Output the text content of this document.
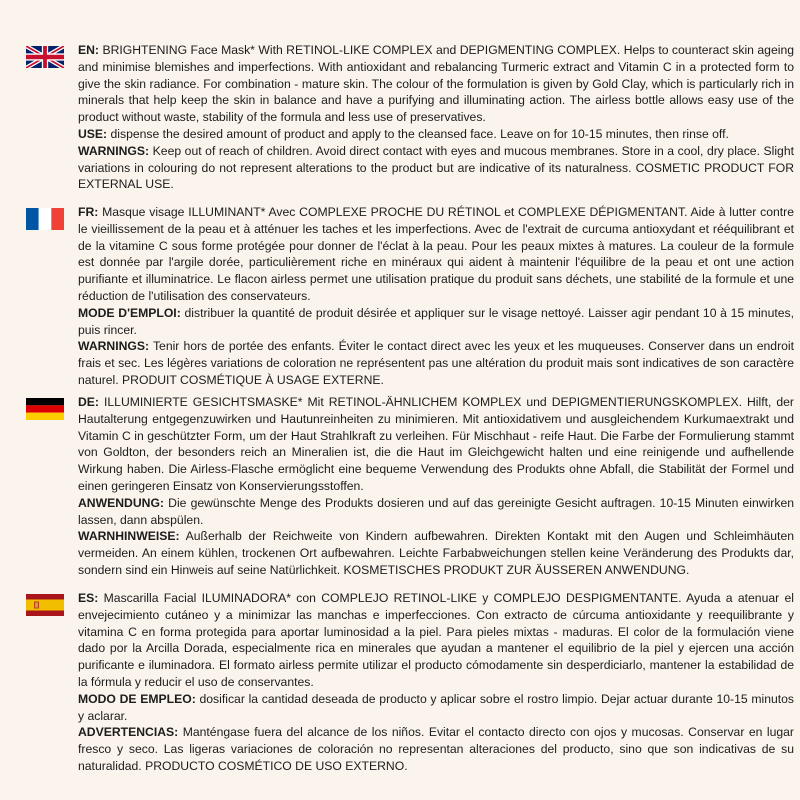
EN: BRIGHTENING Face Mask* With RETINOL-LIKE COMPLEX and DEPIGMENTING COMPLEX. Helps to counteract skin ageing and minimise blemishes and imperfections. With antioxidant and rebalancing Turmeric extract and Vitamin C in a protected form to give the skin radiance. For combination - mature skin. The colour of the formulation is given by Gold Clay, which is particularly rich in minerals that help keep the skin in balance and have a purifying and illuminating action. The airless bottle allows easy use of the product without waste, stability of the formula and less use of preservatives.

USE: dispense the desired amount of product and apply to the cleansed face. Leave on for 10-15 minutes, then rinse off.

WARNINGS: Keep out of reach of children. Avoid direct contact with eyes and mucous membranes. Store in a cool, dry place. Slight variations in colouring do not represent alterations to the product but are indicative of its naturalness. COSMETIC PRODUCT FOR EXTERNAL USE.

FR: Masque visage ILLUMINANT* Avec COMPLEXE PROCHE DU RÉTINOL et COMPLEXE DÉPIGMENTANT. Aide à lutter contre le vieillissement de la peau et à atténuer les taches et les imperfections. Avec de l'extrait de curcuma antioxydant et rééquilibrant et de la vitamine C sous forme protégée pour donner de l'éclat à la peau. Pour les peaux mixtes à matures. La couleur de la formule est donnée par l'argile dorée, particulièrement riche en minéraux qui aident à maintenir l'équilibre de la peau et ont une action purifiante et illuminatrice. Le flacon airless permet une utilisation pratique du produit sans déchets, une stabilité de la formule et une réduction de l'utilisation des conservateurs.

MODE D'EMPLOI: distribuer la quantité de produit désirée et appliquer sur le visage nettoyé. Laisser agir pendant 10 à 15 minutes, puis rincer.

WARNINGS: Tenir hors de portée des enfants. Éviter le contact direct avec les yeux et les muqueuses. Conserver dans un endroit frais et sec. Les légères variations de coloration ne représentent pas une altération du produit mais sont indicatives de son caractère naturel. PRODUIT COSMÉTIQUE À USAGE EXTERNE.

DE: ILLUMINIERTE GESICHTSMASKE* Mit RETINOL-ÄHNLICHEM KOMPLEX und DEPIGMENTIERUNGSKOMPLEX. Hilft, der Hautalterung entgegenzuwirken und Hautunreinheiten zu minimieren. Mit antioxidativem und ausgleichendem Kurkumaextrakt und Vitamin C in geschützter Form, um der Haut Strahlkraft zu verleihen. Für Mischhaut - reife Haut. Die Farbe der Formulierung stammt von Goldton, der besonders reich an Mineralien ist, die die Haut im Gleichgewicht halten und eine reinigende und aufhellende Wirkung haben. Die Airless-Flasche ermöglicht eine bequeme Verwendung des Produkts ohne Abfall, die Stabilität der Formel und einen geringeren Einsatz von Konservierungsstoffen.

ANWENDUNG: Die gewünschte Menge des Produkts dosieren und auf das gereinigte Gesicht auftragen. 10-15 Minuten einwirken lassen, dann abspülen.

WARNHINWEISE: Außerhalb der Reichweite von Kindern aufbewahren. Direkten Kontakt mit den Augen und Schleimhäuten vermeiden. An einem kühlen, trockenen Ort aufbewahren. Leichte Farbabweichungen stellen keine Veränderung des Produkts dar, sondern sind ein Hinweis auf seine Natürlichkeit. KOSMETISCHES PRODUKT ZUR ÄUSSEREN ANWENDUNG.

ES: Mascarilla Facial ILUMINADORA* con COMPLEJO RETINOL-LIKE y COMPLEJO DESPIGMENTANTE. Ayuda a atenuar el envejecimiento cutáneo y a minimizar las manchas e imperfecciones. Con extracto de cúrcuma antioxidante y reequilibrante y vitamina C en forma protegida para aportar luminosidad a la piel. Para pieles mixtas - maduras. El color de la formulación viene dado por la Arcilla Dorada, especialmente rica en minerales que ayudan a mantener el equilibrio de la piel y ejercen una acción purificante e iluminadora. El formato airless permite utilizar el producto cómodamente sin desperdiciarlo, mantener la estabilidad de la fórmula y reducir el uso de conservantes.

MODO DE EMPLEO: dosificar la cantidad deseada de producto y aplicar sobre el rostro limpio. Dejar actuar durante 10-15 minutos y aclarar.

ADVERTENCIAS: Manténgase fuera del alcance de los niños. Evitar el contacto directo con ojos y mucosas. Conservar en lugar fresco y seco. Las ligeras variaciones de coloración no representan alteraciones del producto, sino que son indicativas de su naturalidad. PRODUCTO COSMÉTICO DE USO EXTERNO.
